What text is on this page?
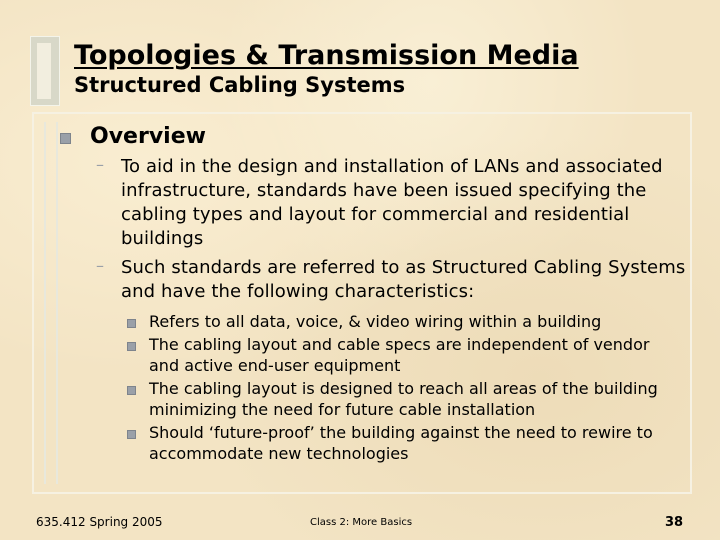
Topologies & Transmission Media
Structured Cabling Systems
Overview
– To aid in the design and installation of LANs and associated infrastructure, standards have been issued specifying the cabling types and layout for commercial and residential buildings
– Such standards are referred to as Structured Cabling Systems and have the following characteristics:
Refers to all data, voice, & video wiring within a building
The cabling layout and cable specs are independent of vendor and active end-user equipment
The cabling layout is designed to reach all areas of the building minimizing the need for future cable installation
Should ‘future-proof’ the building against the need to rewire to accommodate new technologies
635.412 Spring 2005	Class 2: More Basics	38
